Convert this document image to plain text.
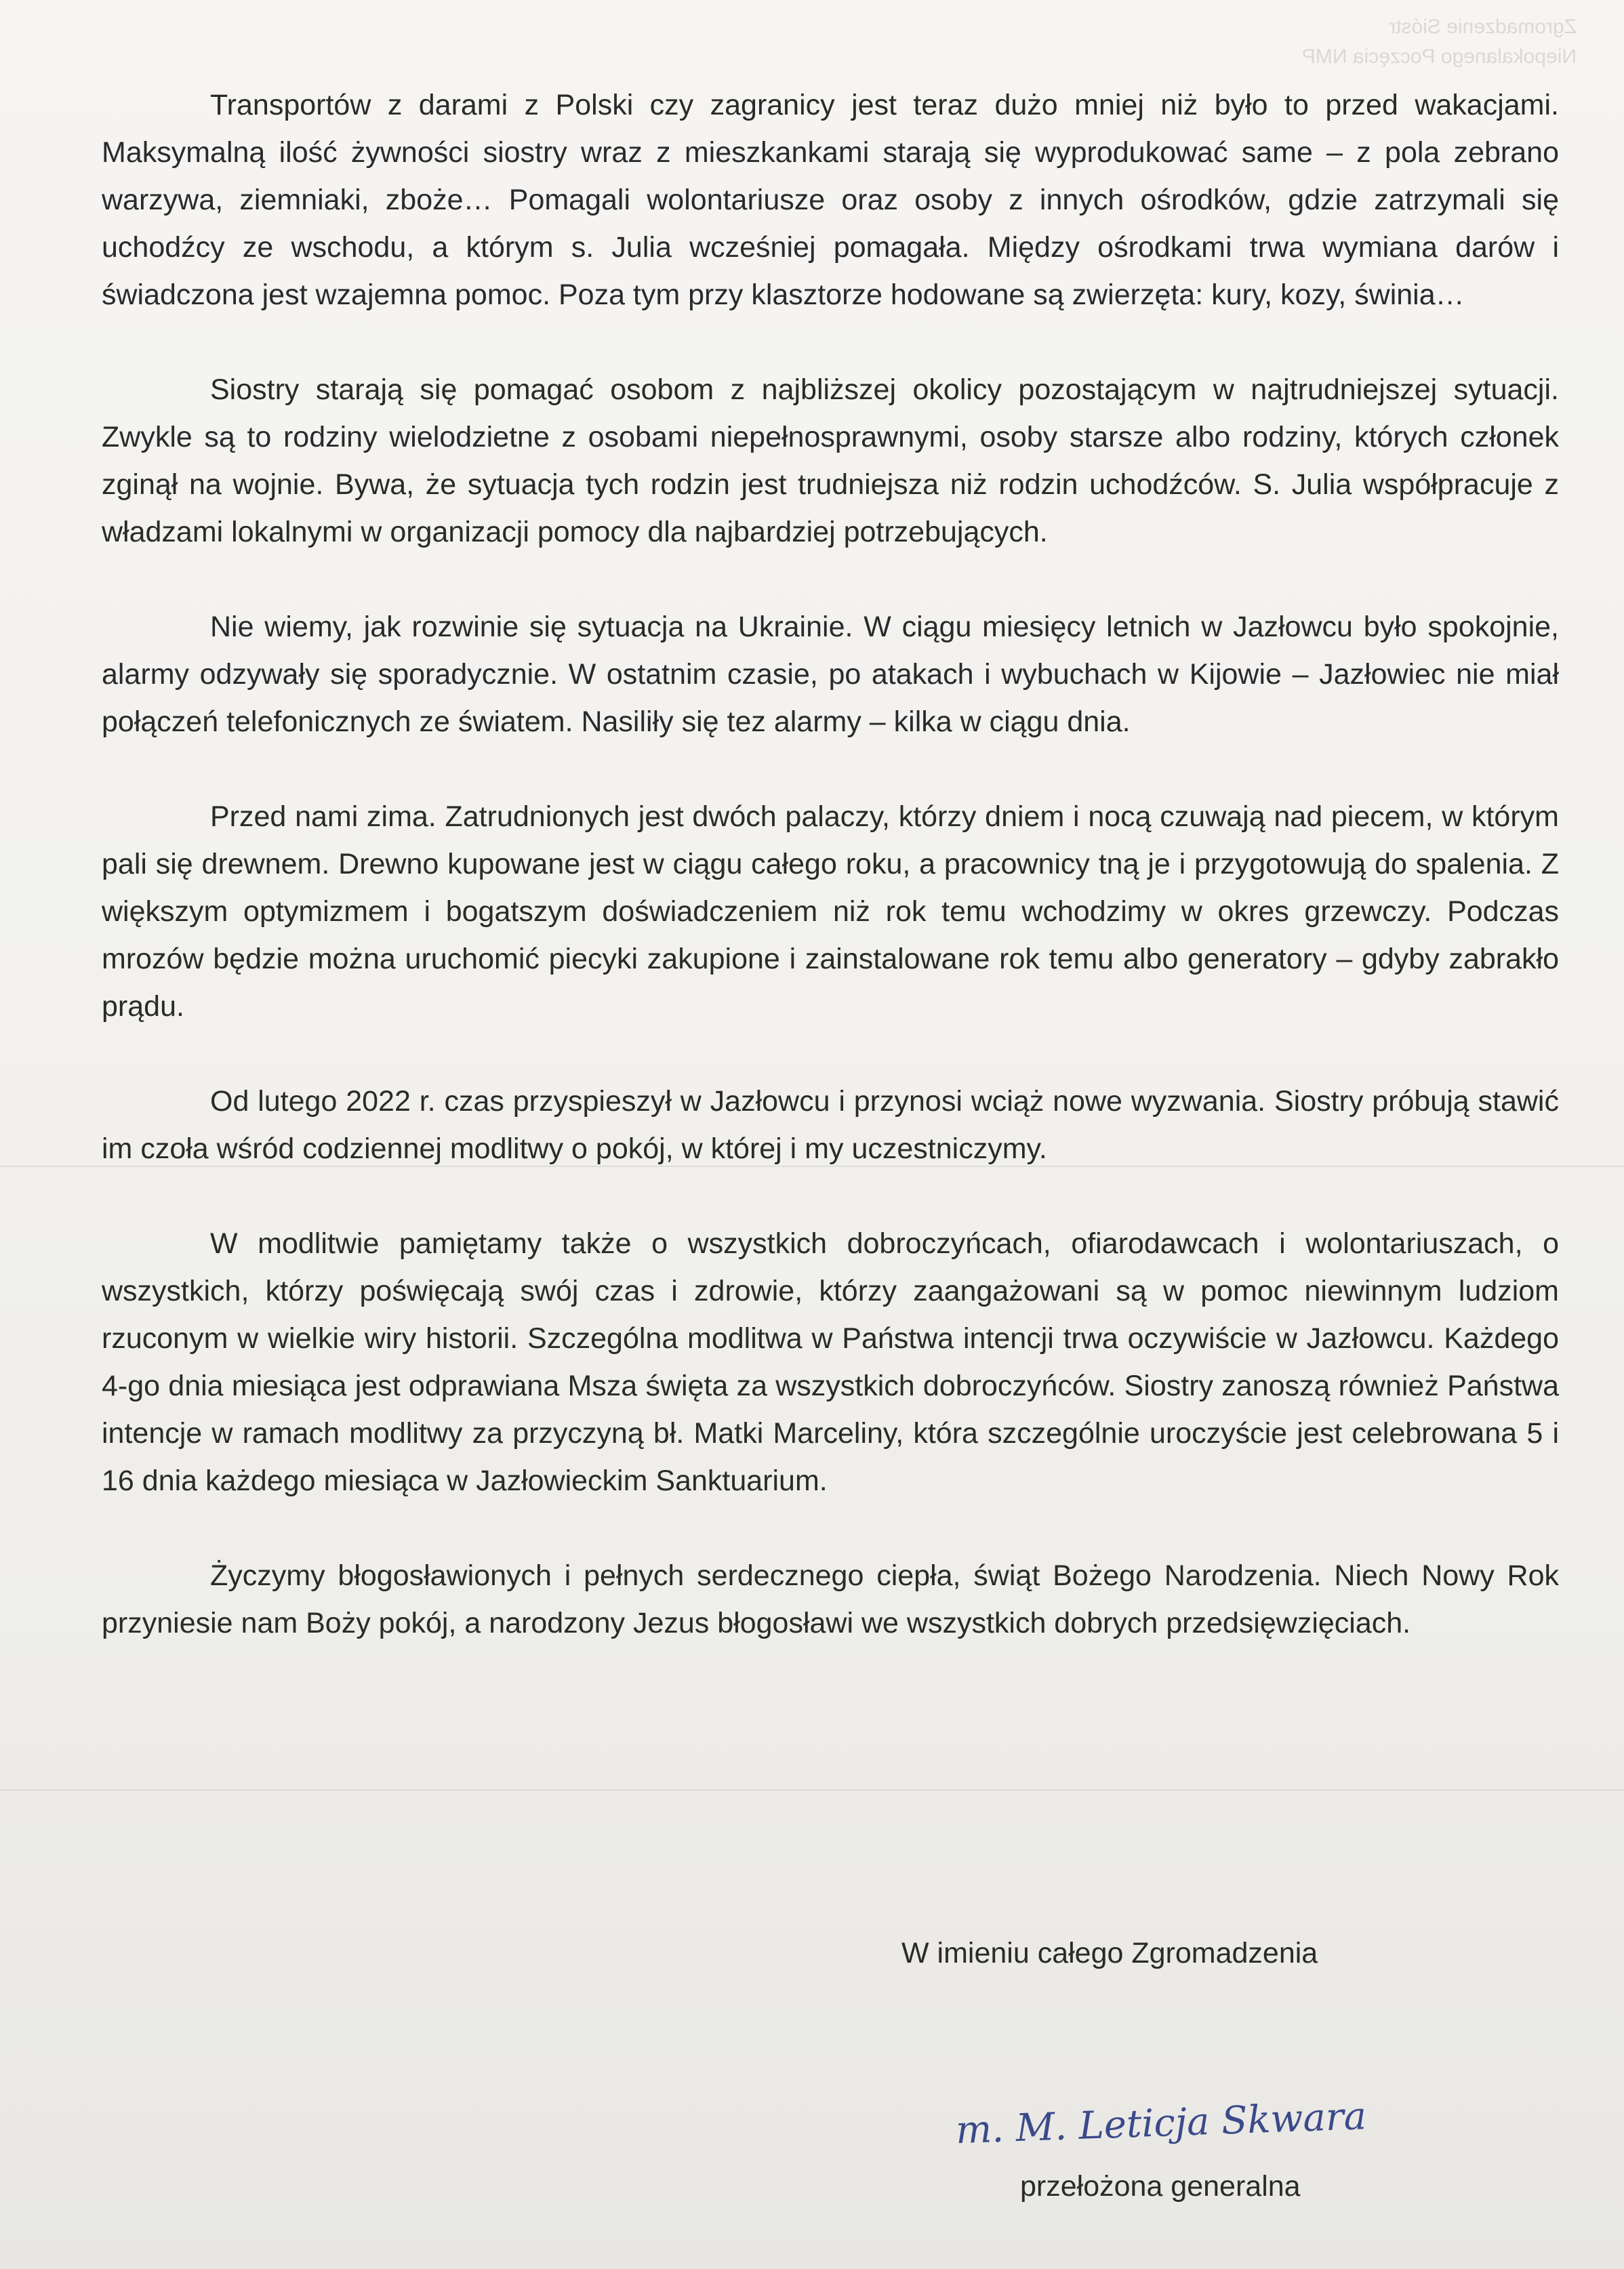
Zgromadzenie Sióstr
Niepokalanego Poczęcia NMP

Transportów z darami z Polski czy zagranicy jest teraz dużo mniej niż było to przed wakacjami. Maksymalną ilość żywności siostry wraz z mieszkankami starają się wyprodukować same – z pola zebrano warzywa, ziemniaki, zboże… Pomagali wolontariusze oraz osoby z innych ośrodków, gdzie zatrzymali się uchodźcy ze wschodu, a którym s. Julia wcześniej pomagała. Między ośrodkami trwa wymiana darów i świadczona jest wzajemna pomoc. Poza tym przy klasztorze hodowane są zwierzęta: kury, kozy, świnia…

Siostry starają się pomagać osobom z najbliższej okolicy pozostającym w najtrudniejszej sytuacji. Zwykle są to rodziny wielodzietne z osobami niepełnosprawnymi, osoby starsze albo rodziny, których członek zginął na wojnie. Bywa, że sytuacja tych rodzin jest trudniejsza niż rodzin uchodźców. S. Julia współpracuje z władzami lokalnymi w organizacji pomocy dla najbardziej potrzebujących.

Nie wiemy, jak rozwinie się sytuacja na Ukrainie. W ciągu miesięcy letnich w Jazłowcu było spokojnie, alarmy odzywały się sporadycznie. W ostatnim czasie, po atakach i wybuchach w Kijowie – Jazłowiec nie miał połączeń telefonicznych ze światem. Nasiliły się tez alarmy – kilka w ciągu dnia.

Przed nami zima. Zatrudnionych jest dwóch palaczy, którzy dniem i nocą czuwają nad piecem, w którym pali się drewnem. Drewno kupowane jest w ciągu całego roku, a pracownicy tną je i przygotowują do spalenia. Z większym optymizmem i bogatszym doświadczeniem niż rok temu wchodzimy w okres grzewczy. Podczas mrozów będzie można uruchomić piecyki zakupione i zainstalowane rok temu albo generatory – gdyby zabrakło prądu.

Od lutego 2022 r. czas przyspieszył w Jazłowcu i przynosi wciąż nowe wyzwania. Siostry próbują stawić im czoła wśród codziennej modlitwy o pokój, w której i my uczestniczymy.

W modlitwie pamiętamy także o wszystkich dobroczyńcach, ofiarodawcach i wolontariuszach, o wszystkich, którzy poświęcają swój czas i zdrowie, którzy zaangażowani są w pomoc niewinnym ludziom rzuconym w wielkie wiry historii. Szczególna modlitwa w Państwa intencji trwa oczywiście w Jazłowcu. Każdego 4-go dnia miesiąca jest odprawiana Msza święta za wszystkich dobroczyńców. Siostry zanoszą również Państwa intencje w ramach modlitwy za przyczyną bł. Matki Marceliny, która szczególnie uroczyście jest celebrowana 5 i 16 dnia każdego miesiąca w Jazłowieckim Sanktuarium.

Życzymy błogosławionych i pełnych serdecznego ciepła, świąt Bożego Narodzenia. Niech Nowy Rok przyniesie nam Boży pokój, a narodzony Jezus błogosławi we wszystkich dobrych przedsięwzięciach.

W imieniu całego Zgromadzenia
m. M. Leticja Skwara
przełożona generalna
